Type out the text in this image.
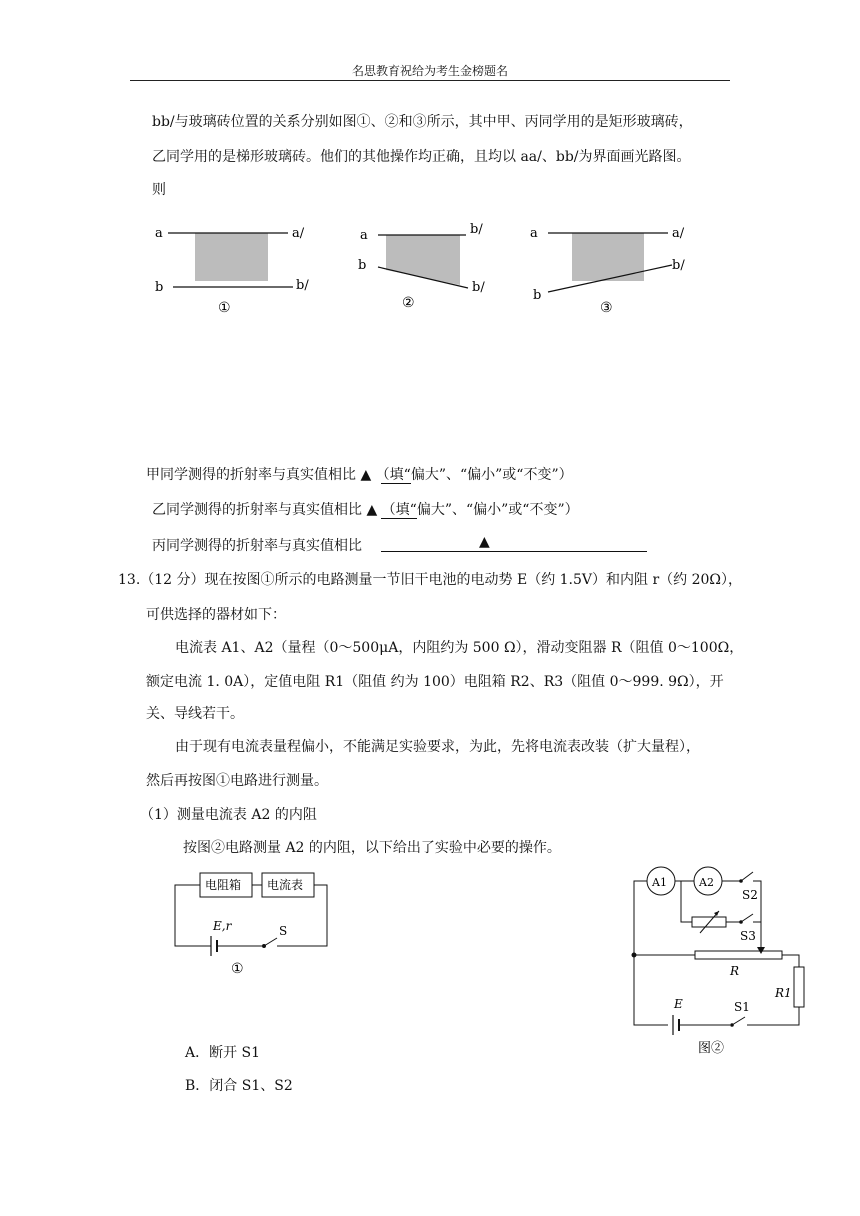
名思教育祝给为考生金榜题名
bb/与玻璃砖位置的关系分别如图①、②和③所示，其中甲、丙同学用的是矩形玻璃砖，
乙同学用的是梯形玻璃砖。他们的其他操作均正确，且均以 aa/、bb/为界面画光路图。
则
a	a/
b	b/
①
a	b/
b
b/
②
a	a/
b
b/
③
甲同学测得的折射率与真实值相比 ▲ （填“偏大”、“偏小”或“不变”）
乙同学测得的折射率与真实值相比 ▲ （填“偏大”、“偏小”或“不变”）
丙同学测得的折射率与真实值相比	▲
13.（12 分）现在按图①所示的电路测量一节旧干电池的电动势 E（约 1.5V）和内阻 r（约 20Ω），
可供选择的器材如下：
电流表 A1、A2（量程（0～500μA，内阻约为 500 Ω），滑动变阻器 R（阻值 0～100Ω，
额定电流 1. 0A），定值电阻 R1（阻值 约为 100）电阻箱 R2、R3（阻值 0～999. 9Ω），开
关、导线若干。
由于现有电流表量程偏小，不能满足实验要求，为此，先将电流表改装（扩大量程），
然后再按图①电路进行测量。
（1）测量电流表 A2 的内阻
按图②电路测量 A2 的内阻，以下给出了实验中必要的操作。
电阻箱 电流表
E,r	S
①
A1	A2
S2
S3
R
R1
E	S1
图②
A．断开 S1
B．闭合 S1、S2
